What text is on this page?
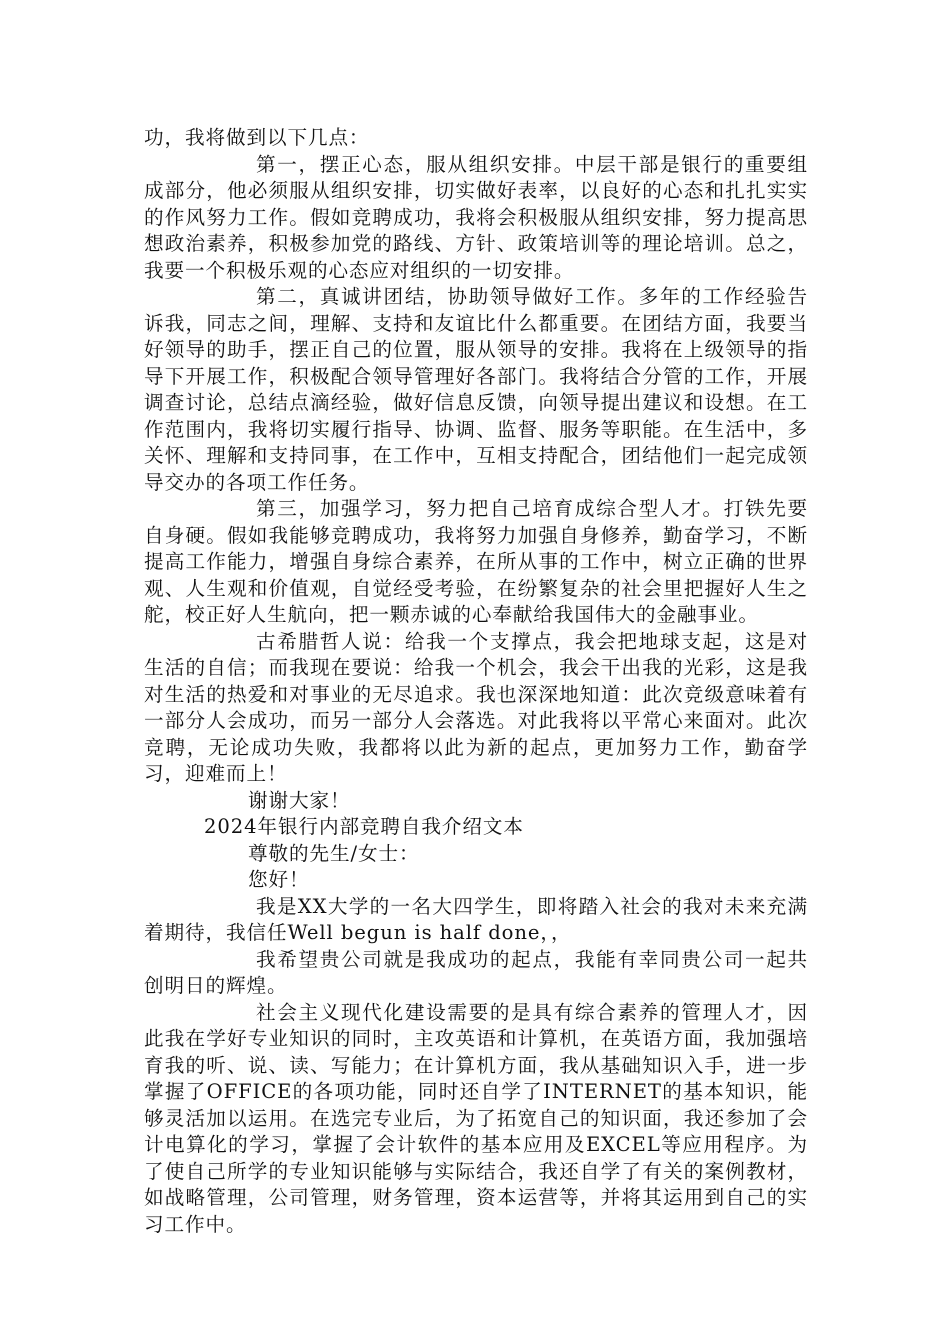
功，我将做到以下几点：

第一，摆正心态，服从组织安排。中层干部是银行的重要组成部分，他必须服从组织安排，切实做好表率，以良好的心态和扎扎实实的作风努力工作。假如竞聘成功，我将会积极服从组织安排，努力提高思想政治素养，积极参加党的路线、方针、政策培训等的理论培训。总之，我要一个积极乐观的心态应对组织的一切安排。

第二，真诚讲团结，协助领导做好工作。多年的工作经验告诉我，同志之间，理解、支持和友谊比什么都重要。在团结方面，我要当好领导的助手，摆正自己的位置，服从领导的安排。我将在上级领导的指导下开展工作，积极配合领导管理好各部门。我将结合分管的工作，开展调查讨论，总结点滴经验，做好信息反馈，向领导提出建议和设想。在工作范围内，我将切实履行指导、协调、监督、服务等职能。在生活中，多关怀、理解和支持同事，在工作中，互相支持配合，团结他们一起完成领导交办的各项工作任务。

第三，加强学习，努力把自己培育成综合型人才。打铁先要自身硬。假如我能够竞聘成功，我将努力加强自身修养，勤奋学习，不断提高工作能力，增强自身综合素养，在所从事的工作中，树立正确的世界观、人生观和价值观，自觉经受考验，在纷繁复杂的社会里把握好人生之舵，校正好人生航向，把一颗赤诚的心奉献给我国伟大的金融事业。

古希腊哲人说：给我一个支撑点，我会把地球支起，这是对生活的自信；而我现在要说：给我一个机会，我会干出我的光彩，这是我对生活的热爱和对事业的无尽追求。我也深深地知道：此次竞级意味着有一部分人会成功，而另一部分人会落选。对此我将以平常心来面对。此次竞聘，无论成功失败，我都将以此为新的起点，更加努力工作，勤奋学习，迎难而上！

谢谢大家！

2024年银行内部竞聘自我介绍文本

尊敬的先生/女士：

您好！

我是XX大学的一名大四学生，即将踏入社会的我对未来充满着期待，我信任Well begun is half done，，

我希望贵公司就是我成功的起点，我能有幸同贵公司一起共创明日的辉煌。

社会主义现代化建设需要的是具有综合素养的管理人才，因此我在学好专业知识的同时，主攻英语和计算机，在英语方面，我加强培育我的听、说、读、写能力；在计算机方面，我从基础知识入手，进一步掌握了OFFICE的各项功能，同时还自学了INTERNET的基本知识，能够灵活加以运用。在选完专业后，为了拓宽自己的知识面，我还参加了会计电算化的学习，掌握了会计软件的基本应用及EXCEL等应用程序。为了使自己所学的专业知识能够与实际结合，我还自学了有关的案例教材，如战略管理，公司管理，财务管理，资本运营等，并将其运用到自己的实习工作中。
